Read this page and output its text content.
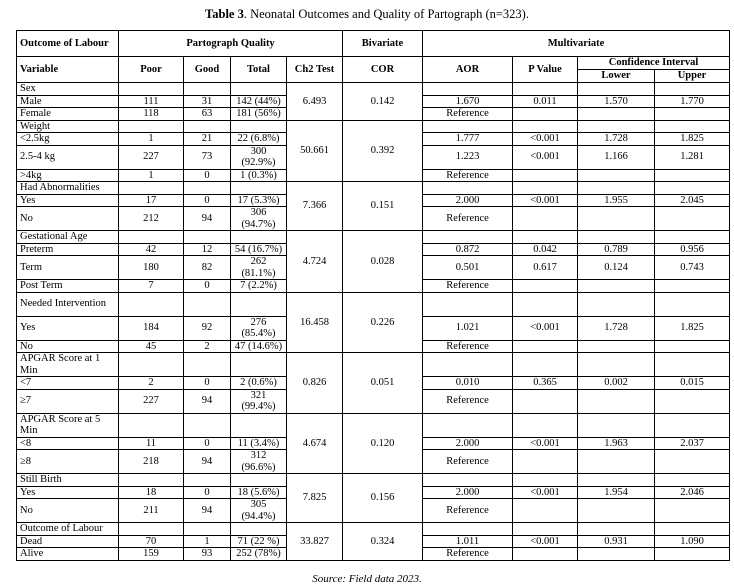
Table 3. Neonatal Outcomes and Quality of Partograph (n=323).
Outcome of Labour	Partograph Quality				Bivariate	Multivariate			
Variable	Poor	Good	Total	Ch2 Test	COR	AOR	P Value	Confidence Interval
Lower Upper	

Sex				6.493	0.142				
Male	111	31	142 (44%)			1.670	0.011	1.570	1.770
Female	118	63	181 (56%)			Reference			
Weight				50.661	0.392				
<2.5kg	1	21	22 (6.8%)			1.777	<0.001	1.728	1.825
2.5-4 kg	227	73	300 (92.9%)			1.223	<0.001	1.166	1.281
>4kg	1	0	1 (0.3%)			Reference			
Had Abnormalities				7.366	0.151				
Yes	17	0	17 (5.3%)			2.000	<0.001	1.955	2.045
No	212	94	306 (94.7%)			Reference			
Gestational Age				4.724	0.028				
Preterm	42	12	54 (16.7%)			0.872	0.042	0.789	0.956
Term	180	82	262 (81.1%)			0.501	0.617	0.124	0.743
Post Term	7	0	7 (2.2%)			Reference			
Needed Intervention				16.458	0.226				
Yes	184	92	276 (85.4%)			1.021	<0.001	1.728	1.825
No	45	2	47 (14.6%)			Reference			
APGAR Score at 1 Min				0.826	0.051				
<7	2	0	2 (0.6%)			0.010	0.365	0.002	0.015
≥7	227	94	321 (99.4%)			Reference			
APGAR Score at 5 Min				4.674	0.120				
<8	11	0	11 (3.4%)			2.000	<0.001	1.963	2.037
≥8	218	94	312 (96.6%)			Reference			
Still Birth				7.825	0.156				
Yes	18	0	18 (5.6%)			2.000	<0.001	1.954	2.046
No	211	94	305 (94.4%)			Reference			
Outcome of Labour				33.827	0.324				
Dead	70	1	71 (22 %)			1.011	<0.001	0.931	1.090
Alive	159	93	252 (78%)			Reference			
Source: Field data 2023.
